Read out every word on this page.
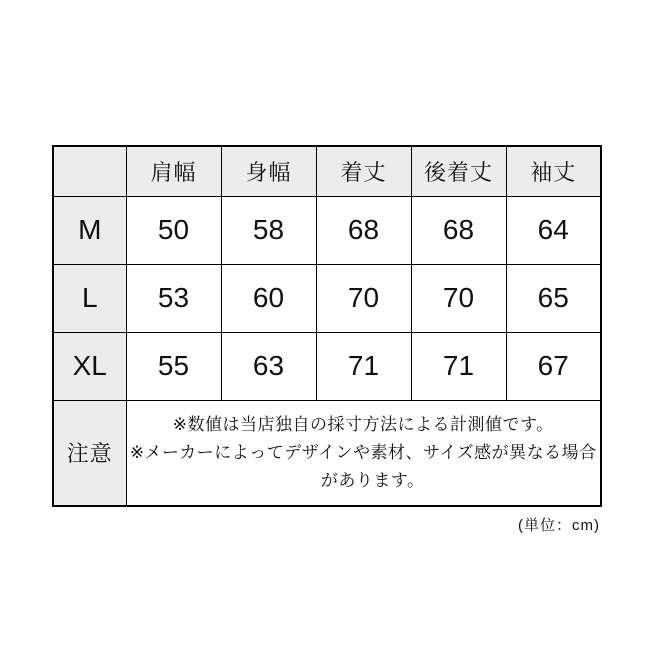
	肩幅	身幅	着丈	後着丈	袖丈
M	50	58	68	68	64
L	53	60	70	70	65
XL	55	63	71	71	67
注意	※数値は当店独自の採寸方法による計測値です。
※メーカーによってデザインや素材、サイズ感が異なる場合があります。				
(単位：cm)
